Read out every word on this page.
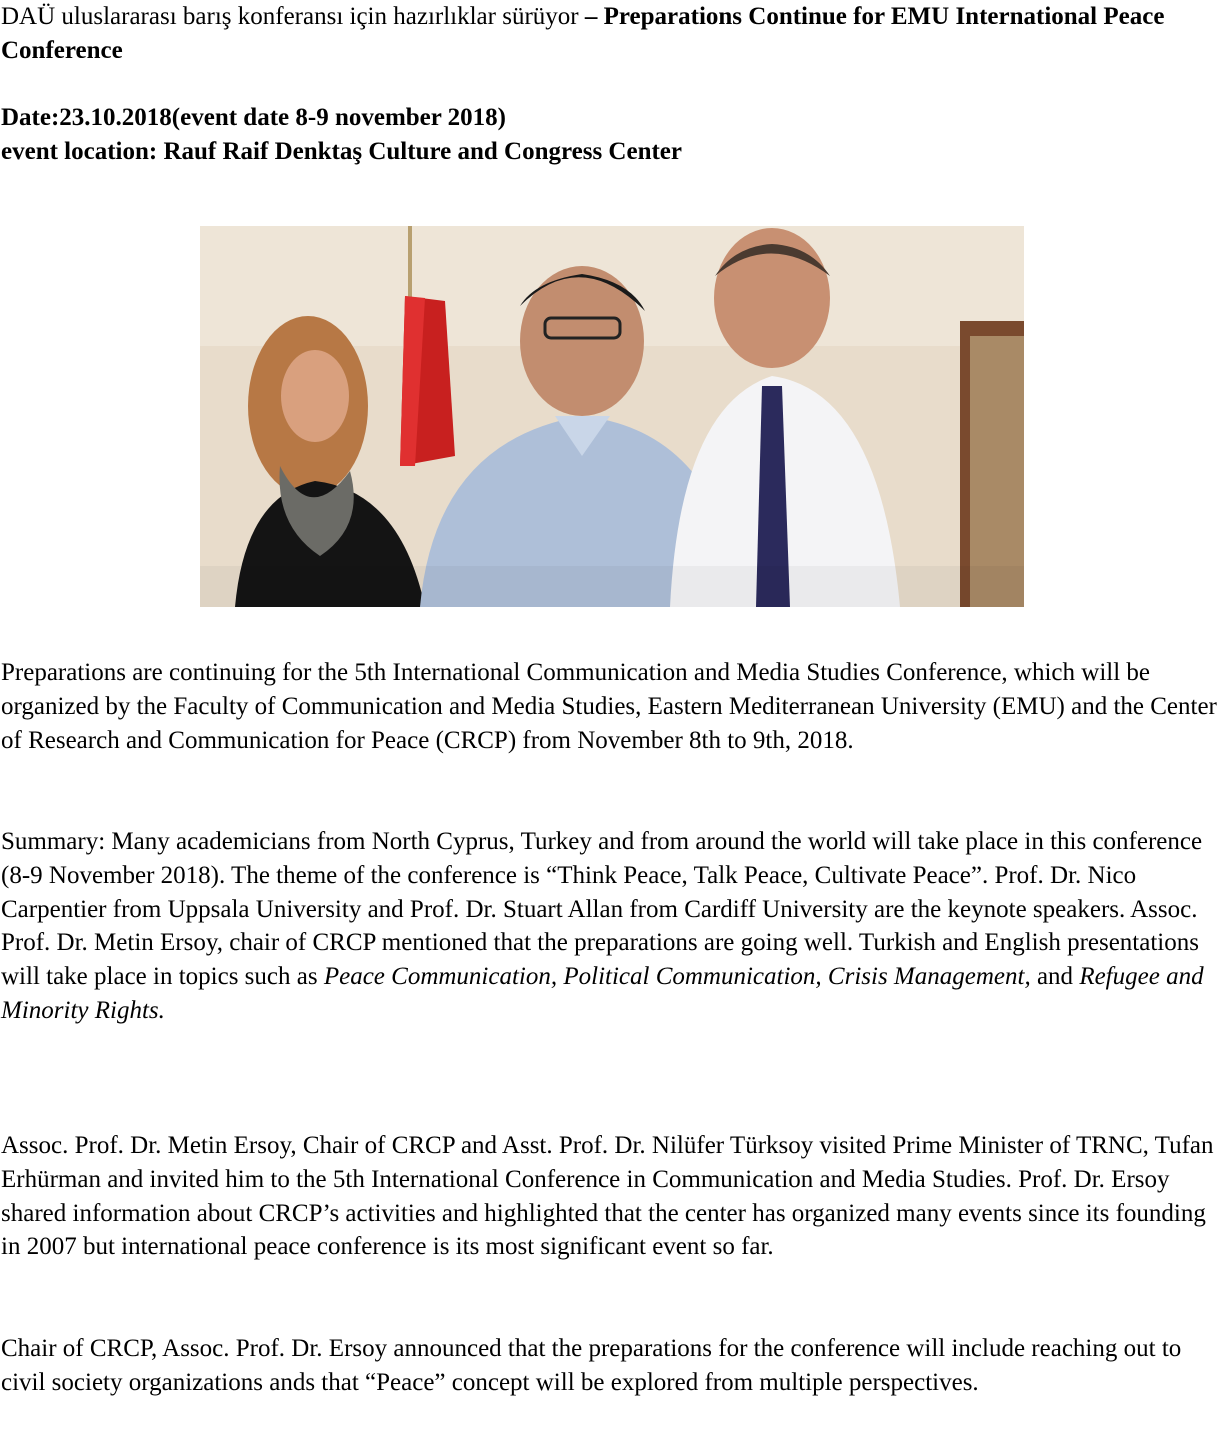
DAÜ uluslararası barış konferansı için hazırlıklar sürüyor – Preparations Continue for EMU International Peace Conference
Date:23.10.2018(event date 8-9 november 2018)
event location: Rauf Raif Denktaş Culture and Congress Center

Preparations are continuing for the 5th International Communication and Media Studies Conference, which will be organized by the Faculty of Communication and Media Studies, Eastern Mediterranean University (EMU) and the Center of Research and Communication for Peace (CRCP) from November 8th to 9th, 2018.

Summary: Many academicians from North Cyprus, Turkey and from around the world will take place in this conference (8-9 November 2018). The theme of the conference is “Think Peace, Talk Peace, Cultivate Peace”. Prof. Dr. Nico Carpentier from Uppsala University and Prof. Dr. Stuart Allan from Cardiff University are the keynote speakers. Assoc. Prof. Dr. Metin Ersoy, chair of CRCP mentioned that the preparations are going well. Turkish and English presentations will take place in topics such as Peace Communication, Political Communication, Crisis Management, and Refugee and Minority Rights.

Assoc. Prof. Dr. Metin Ersoy, Chair of CRCP and Asst. Prof. Dr. Nilüfer Türksoy visited Prime Minister of TRNC, Tufan Erhürman and invited him to the 5th International Conference in Communication and Media Studies. Prof. Dr. Ersoy shared information about CRCP’s activities and highlighted that the center has organized many events since its founding in 2007 but international peace conference is its most significant event so far.

Chair of CRCP, Assoc. Prof. Dr. Ersoy announced that the preparations for the conference will include reaching out to civil society organizations ands that “Peace” concept will be explored from multiple perspectives.
